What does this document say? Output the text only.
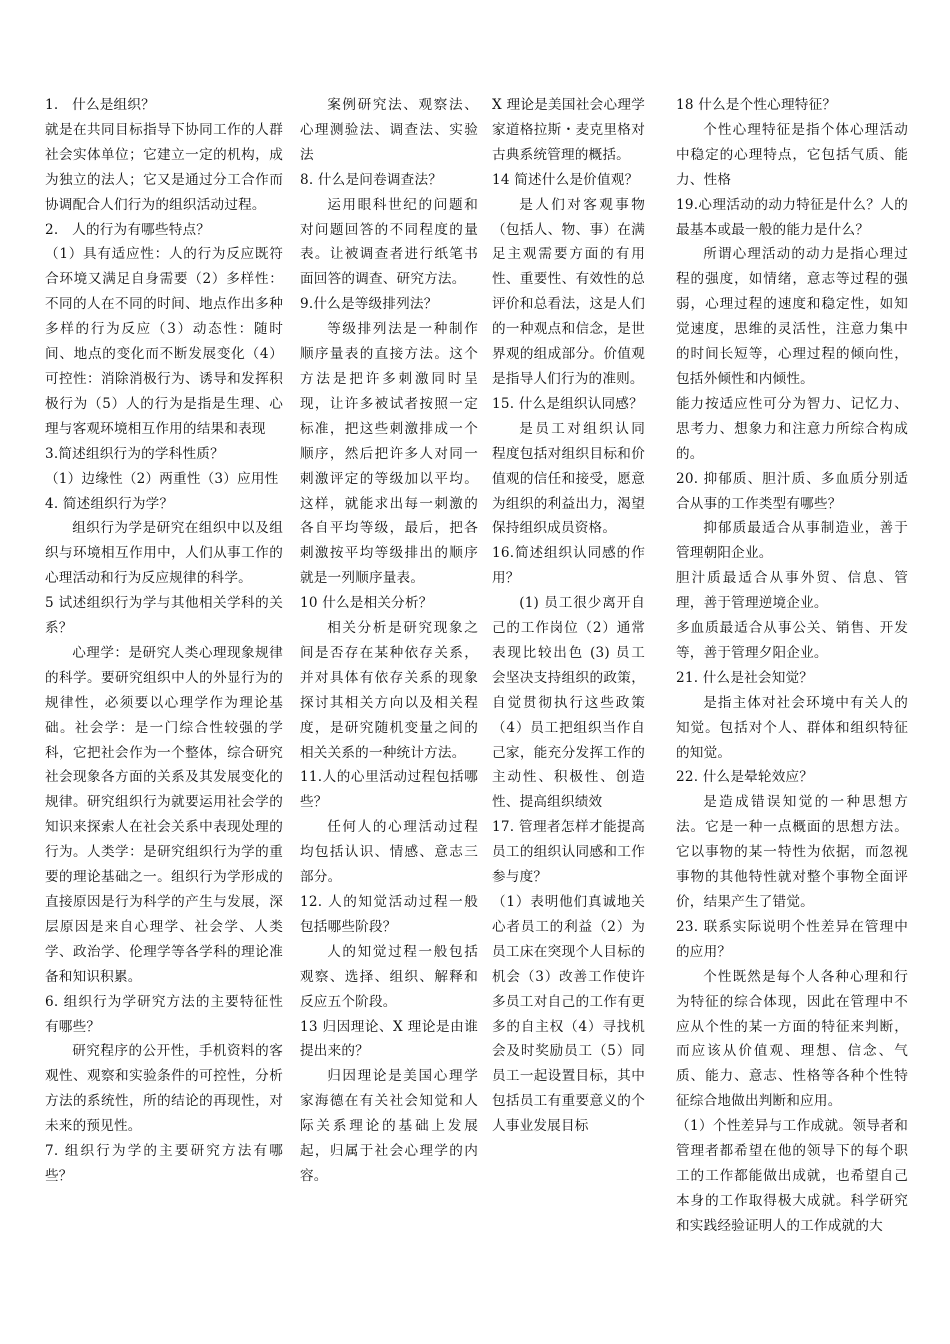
1.　什么是组织？

就是在共同目标指导下协同工作的人群社会实体单位；它建立一定的机构，成为独立的法人；它又是通过分工合作而协调配合人们行为的组织活动过程。

2.　人的行为有哪些特点？

（1）具有适应性：人的行为反应既符合环境又满足自身需要（2）多样性：不同的人在不同的时间、地点作出多种多样的行为反应（3）动态性：随时间、地点的变化而不断发展变化（4）可控性：消除消极行为、诱导和发挥积极行为（5）人的行为是指是生理、心理与客观环境相互作用的结果和表现

3.简述组织行为的学科性质？

（1）边缘性（2）两重性（3）应用性

4. 简述组织行为学？

组织行为学是研究在组织中以及组织与环境相互作用中，人们从事工作的心理活动和行为反应规律的科学。

5 试述组织行为学与其他相关学科的关系？

心理学：是研究人类心理现象规律的科学。要研究组织中人的外显行为的规律性，必须要以心理学作为理论基础。社会学：是一门综合性较强的学科，它把社会作为一个整体，综合研究社会现象各方面的关系及其发展变化的规律。研究组织行为就要运用社会学的知识来探索人在社会关系中表现处理的行为。人类学：是研究组织行为学的重要的理论基础之一。组织行为学形成的直接原因是行为科学的产生与发展，深层原因是来自心理学、社会学、人类学、政治学、伦理学等各学科的理论准备和知识积累。

6. 组织行为学研究方法的主要特征性有哪些？

研究程序的公开性，手机资料的客观性、观察和实验条件的可控性，分析方法的系统性，所的结论的再现性，对未来的预见性。

7. 组织行为学的主要研究方法有哪些？

案例研究法、观察法、心理测验法、调查法、实验法

8. 什么是问卷调查法？

运用眼科世纪的问题和对问题回答的不同程度的量表。让被调查者进行纸笔书面回答的调查、研究方法。

9.什么是等级排列法？

等级排列法是一种制作顺序量表的直接方法。这个方法是把许多刺激同时呈现，让许多被试者按照一定标准，把这些刺激排成一个顺序，然后把许多人对同一刺激评定的等级加以平均。这样，就能求出每一刺激的各自平均等级，最后，把各刺激按平均等级排出的顺序就是一列顺序量表。

10 什么是相关分析？

相关分析是研究现象之间是否存在某种依存关系，并对具体有依存关系的现象探讨其相关方向以及相关程度，是研究随机变量之间的相关关系的一种统计方法。

11.人的心里活动过程包括哪些？

任何人的心理活动过程均包括认识、情感、意志三部分。

12. 人的知觉活动过程一般包括哪些阶段？

人的知觉过程一般包括观察、选择、组织、解释和反应五个阶段。

13 归因理论、X 理论是由谁提出来的？

归因理论是美国心理学家海德在有关社会知觉和人际关系理论的基础上发展起，归属于社会心理学的内容。

X 理论是美国社会心理学家道格拉斯・麦克里格对古典系统管理的概括。

14 简述什么是价值观？

是人们对客观事物（包括人、物、事）在满足主观需要方面的有用性、重要性、有效性的总评价和总看法，这是人们的一种观点和信念，是世界观的组成部分。价值观是指导人们行为的准则。

15. 什么是组织认同感？

是员工对组织认同 程度包括对组织目标和价值观的信任和接受，愿意为组织的利益出力，渴望保持组织成员资格。

16.简述组织认同感的作用？

(1) 员工很少离开自己的工作岗位（2）通常表现比较出色 (3) 员工会坚决支持组织的政策，自觉贯彻执行这些政策（4）员工把组织当作自己家，能充分发挥工作的主动性、积极性、创造性、提高组织绩效

17. 管理者怎样才能提高员工的组织认同感和工作参与度？

（1）表明他们真诚地关心者员工的利益（2）为员工床在突现个人目标的机会（3）改善工作使许多员工对自己的工作有更多的自主权（4）寻找机会及时奖励员工（5）同员工一起设置目标，其中包括员工有重要意义的个人事业发展目标

18 什么是个性心理特征？

个性心理特征是指个体心理活动中稳定的心理特点，它包括气质、能力、性格

19.心理活动的动力特征是什么？人的最基本或最一般的能力是什么？

所谓心理活动的动力是指心理过程的强度，如情绪，意志等过程的强弱，心理过程的速度和稳定性，如知觉速度，思维的灵活性，注意力集中的时间长短等，心理过程的倾向性，包括外倾性和内倾性。

能力按适应性可分为智力、记忆力、思考力、想象力和注意力所综合构成的。

20. 抑郁质、胆汁质、多血质分别适合从事的工作类型有哪些？

抑郁质最适合从事制造业，善于管理朝阳企业。

胆汁质最适合从事外贸、信息、管理，善于管理逆境企业。

多血质最适合从事公关、销售、开发等，善于管理夕阳企业。

21. 什么是社会知觉？

是指主体对社会环境中有关人的知觉。包括对个人、群体和组织特征的知觉。

22. 什么是晕轮效应？

是造成错误知觉的一种思想方法。它是一种一点概面的思想方法。它以事物的某一特性为依据，而忽视事物的其他特性就对整个事物全面评价，结果产生了错觉。

23. 联系实际说明个性差异在管理中的应用？

个性既然是每个人各种心理和行为特征的综合体现，因此在管理中不应从个性的某一方面的特征来判断，而应该从价值观、理想、信念、气质、能力、意志、性格等各种个性特征综合地做出判断和应用。

（1）个性差异与工作成就。领导者和管理者都希望在他的领导下的每个职工的工作都能做出成就，也希望自己本身的工作取得极大成就。科学研究和实践经验证明人的工作成就的大
